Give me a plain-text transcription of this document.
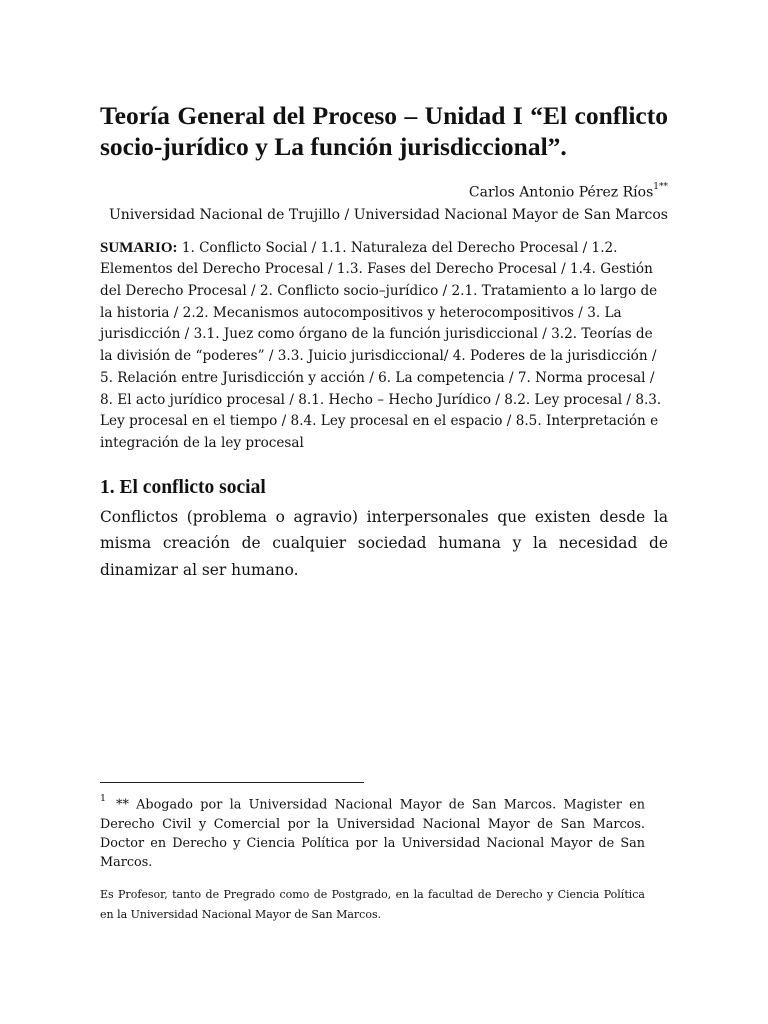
Teoría General del Proceso – Unidad I “El conflicto socio-jurídico y La función jurisdiccional”.
Carlos Antonio Pérez Ríos$^{1**}$
Universidad Nacional de Trujillo / Universidad Nacional Mayor de San Marcos

SUMARIO: 1. Conflicto Social / 1.1. Naturaleza del Derecho Procesal / 1.2. Elementos del Derecho Procesal / 1.3. Fases del Derecho Procesal / 1.4. Gestión del Derecho Procesal / 2. Conflicto socio–jurídico / 2.1. Tratamiento a lo largo de la historia / 2.2. Mecanismos autocompositivos y heterocompositivos / 3. La jurisdicción / 3.1. Juez como órgano de la función jurisdiccional / 3.2. Teorías de la división de “poderes” / 3.3. Juicio jurisdiccional/ 4. Poderes de la jurisdicción / 5. Relación entre Jurisdicción y acción / 6. La competencia / 7. Norma procesal / 8. El acto jurídico procesal / 8.1. Hecho – Hecho Jurídico / 8.2. Ley procesal / 8.3. Ley procesal en el tiempo / 8.4. Ley procesal en el espacio / 8.5. Interpretación e integración de la ley procesal

1. El conflicto social

Conflictos (problema o agravio) interpersonales que existen desde la misma creación de cualquier sociedad humana y la necesidad de dinamizar al ser humano.

$^1$ ** Abogado por la Universidad Nacional Mayor de San Marcos. Magister en Derecho Civil y Comercial por la Universidad Nacional Mayor de San Marcos. Doctor en Derecho y Ciencia Política por la Universidad Nacional Mayor de San Marcos.
Es Profesor, tanto de Pregrado como de Postgrado, en la facultad de Derecho y Ciencia Política en la Universidad Nacional Mayor de San Marcos.
